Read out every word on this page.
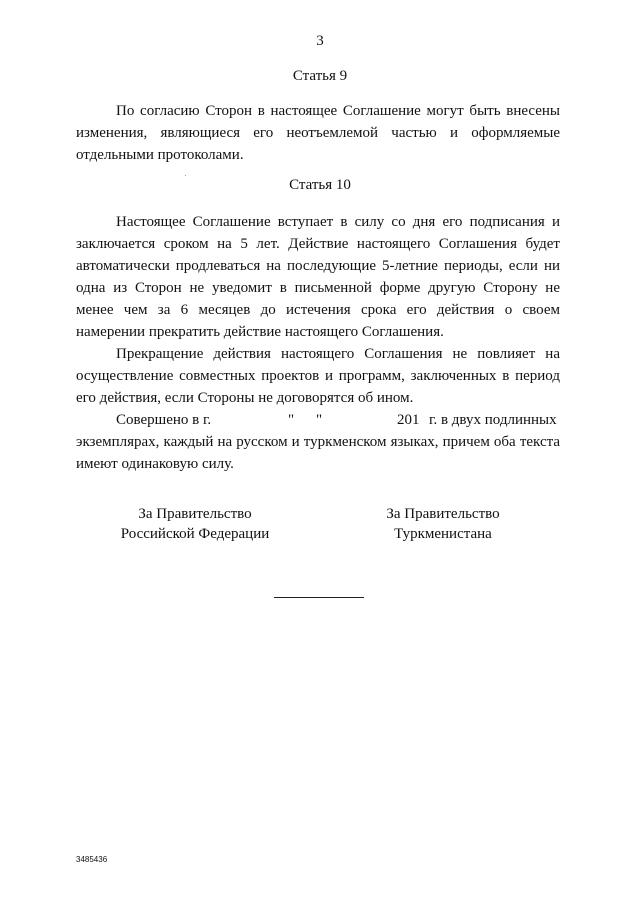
3
Статья 9

По согласию Сторон в настоящее Соглашение могут быть внесены изменения, являющиеся его неотъемлемой частью и оформляемые отдельными протоколами.

Статья 10

Настоящее Соглашение вступает в силу со дня его подписания и заключается сроком на 5 лет. Действие настоящего Соглашения будет автоматически продлеваться на последующие 5-летние периоды, если ни одна из Сторон не уведомит в письменной форме другую Сторону не менее чем за 6 месяцев до истечения срока его действия о своем намерении прекратить действие настоящего Соглашения.

Прекращение действия настоящего Соглашения не повлияет на осуществление совместных проектов и программ, заключенных в период его действия, если Стороны не договорятся об ином.

Совершено в г.	" "	201 г. в двух подлинных
экземплярах, каждый на русском и туркменском языках, причем оба текста имеют одинаковую силу.
За Правительство
Российской Федерации
За Правительство
Туркменистана
3485436
